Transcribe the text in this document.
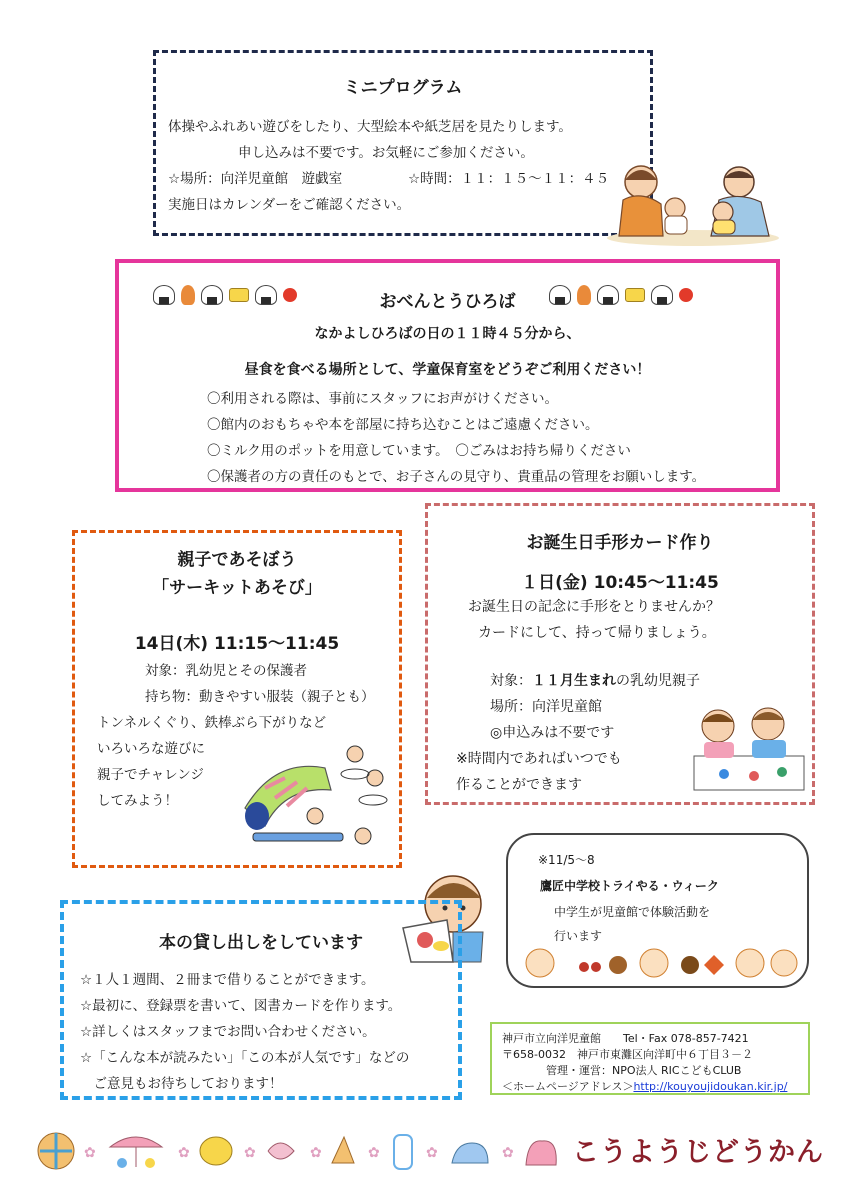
ミニプログラム
体操やふれあい遊びをしたり、大型絵本や紙芝居を見たりします。
申し込みは不要です。お気軽にご参加ください。
☆場所：向洋児童館　遊戯室	☆時間：１１：１５～１１：４５
実施日はカレンダーをご確認ください。
おべんとうひろば
なかよしひろばの日の１１時４５分から、
昼食を食べる場所として、学童保育室をどうぞご利用ください！
〇利用される際は、事前にスタッフにお声がけください。
〇館内のおもちゃや本を部屋に持ち込むことはご遠慮ください。
〇ミルク用のポットを用意しています。　〇ごみはお持ち帰りください
〇保護者の方の責任のもとで、お子さんの見守り、貴重品の管理をお願いします。
親子であそぼう
「サーキットあそび」
14日(木) 11:15～11:45
対象：乳幼児とその保護者
持ち物：動きやすい服装（親子とも）
トンネルくぐり、鉄棒ぶら下がりなど
いろいろな遊びに
親子でチャレンジ
してみよう！
お誕生日手形カード作り
１日(金) 10:45～11:45
お誕生日の記念に手形をとりませんか？
カードにして、持って帰りましょう。
対象：１１月生まれの乳幼児親子
場所：向洋児童館
◎申込みは不要です
※時間内であればいつでも
作ることができます
※11/5～8
鷹匠中学校トライやる・ウィーク
中学生が児童館で体験活動を
行います
本の貸し出しをしています
☆１人１週間、２冊まで借りることができます。
☆最初に、登録票を書いて、図書カードを作ります。
☆詳しくはスタッフまでお問い合わせください。
☆「こんな本が読みたい」「この本が人気です」などの
　ご意見もお待ちしております！
神戸市立向洋児童館　　Tel・Fax 078-857-7421
〒658-0032　神戸市東灘区向洋町中６丁目３－２
管理・運営：NPO法人 RICこどもCLUB
＜ホームページアドレス＞http://kouyoujidoukan.kir.jp/
✿	✿	✿	✿	✿	✿	✿ こうようじどうかん
